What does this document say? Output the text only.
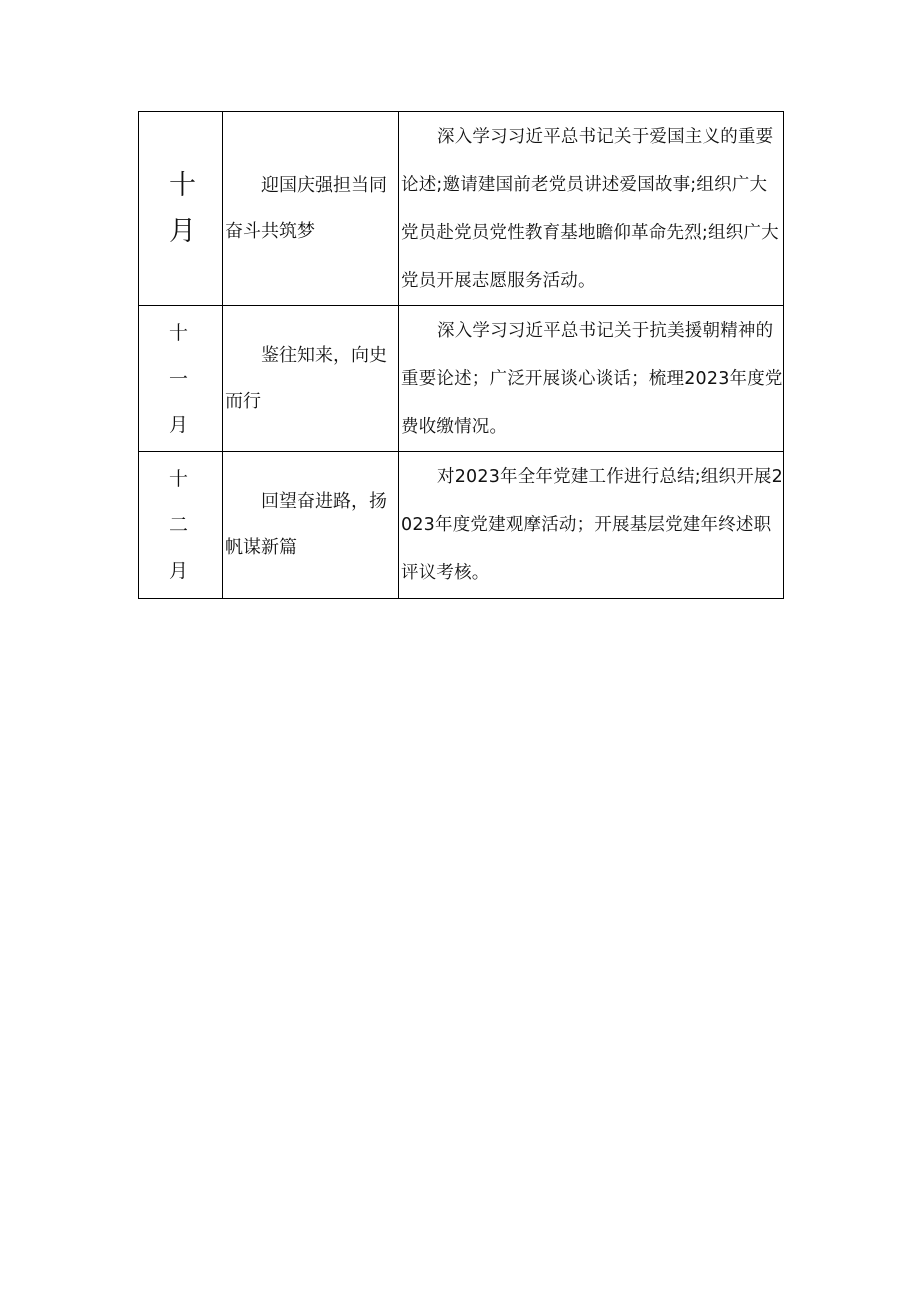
十月	迎国庆强担当同奋斗共筑梦	深入学习习近平总书记关于爱国主义的重要论述;邀请建国前老党员讲述爱国故事;组织广大党员赴党员党性教育基地瞻仰革命先烈;组织广大党员开展志愿服务活动。

十一月	鉴往知来，向史而行	深入学习习近平总书记关于抗美援朝精神的重要论述；广泛开展谈心谈话；梳理2023年度党费收缴情况。

十二月	回望奋进路，扬帆谋新篇	对2023年全年党建工作进行总结;组织开展2023年度党建观摩活动；开展基层党建年终述职评议考核。
